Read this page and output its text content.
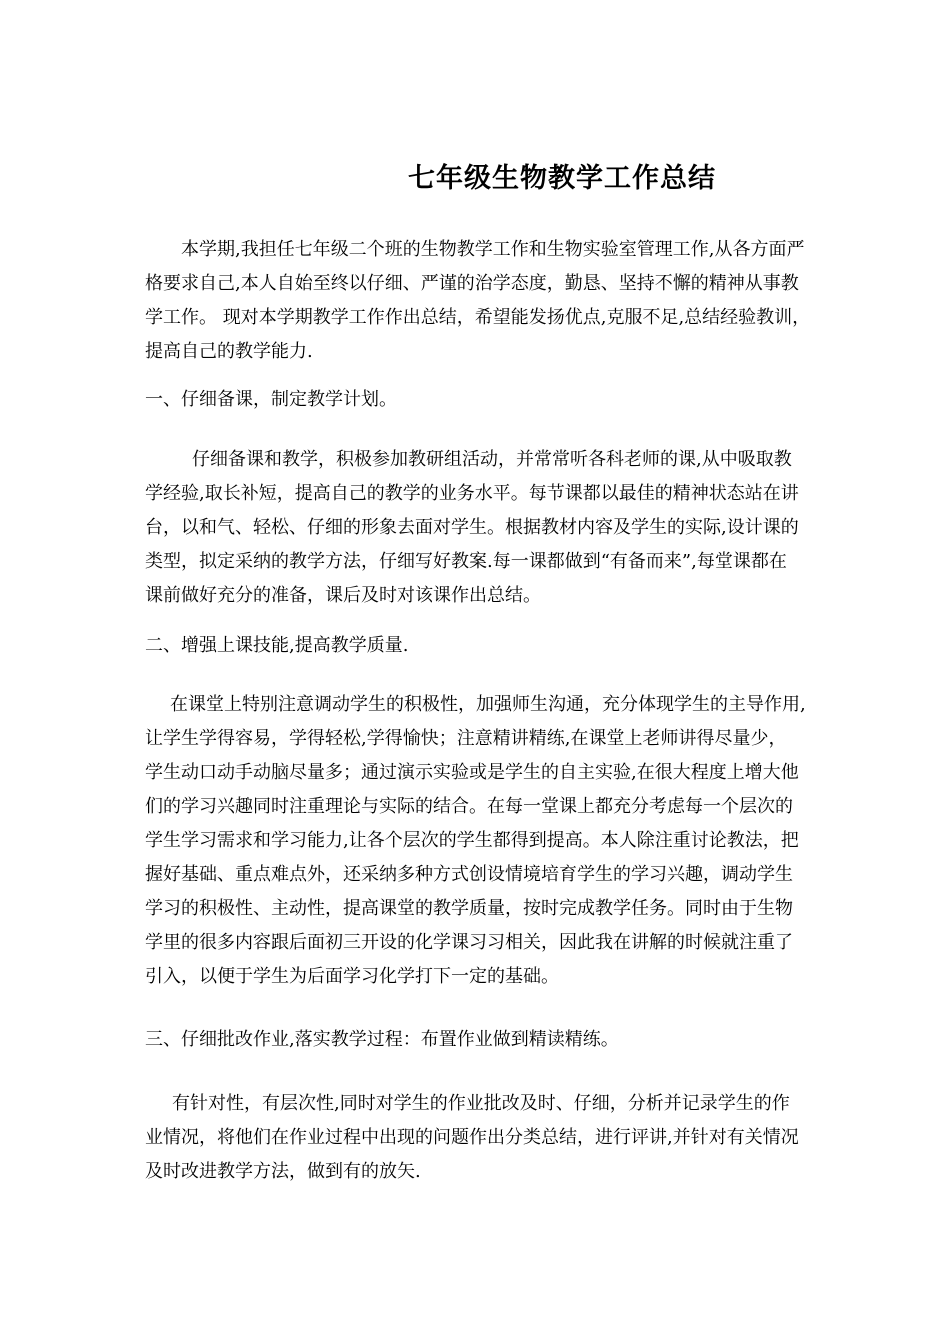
七年级生物教学工作总结
本学期,我担任七年级二个班的生物教学工作和生物实验室管理工作,从各方面严
格要求自己,本人自始至终以仔细、严谨的治学态度，勤恳、坚持不懈的精神从事教
学工作。 现对本学期教学工作作出总结，希望能发扬优点,克服不足,总结经验教训，
提高自己的教学能力.
一、仔细备课，制定教学计划。
仔细备课和教学，积极参加教研组活动，并常常听各科老师的课,从中吸取教
学经验,取长补短，提高自己的教学的业务水平。每节课都以最佳的精神状态站在讲
台，以和气、轻松、仔细的形象去面对学生。根据教材内容及学生的实际,设计课的
类型，拟定采纳的教学方法，仔细写好教案.每一课都做到“有备而来”,每堂课都在
课前做好充分的准备，课后及时对该课作出总结。
二、增强上课技能,提高教学质量.
在课堂上特别注意调动学生的积极性，加强师生沟通，充分体现学生的主导作用,
让学生学得容易，学得轻松,学得愉快；注意精讲精练,在课堂上老师讲得尽量少，
学生动口动手动脑尽量多；通过演示实验或是学生的自主实验,在很大程度上增大他
们的学习兴趣同时注重理论与实际的结合。在每一堂课上都充分考虑每一个层次的
学生学习需求和学习能力,让各个层次的学生都得到提高。本人除注重讨论教法，把
握好基础、重点难点外，还采纳多种方式创设情境培育学生的学习兴趣，调动学生
学习的积极性、主动性，提高课堂的教学质量，按时完成教学任务。同时由于生物
学里的很多内容跟后面初三开设的化学课习习相关，因此我在讲解的时候就注重了
引入，以便于学生为后面学习化学打下一定的基础。
三、仔细批改作业,落实教学过程：布置作业做到精读精练。
有针对性，有层次性,同时对学生的作业批改及时、仔细，分析并记录学生的作
业情况，将他们在作业过程中出现的问题作出分类总结，进行评讲,并针对有关情况
及时改进教学方法，做到有的放矢.
